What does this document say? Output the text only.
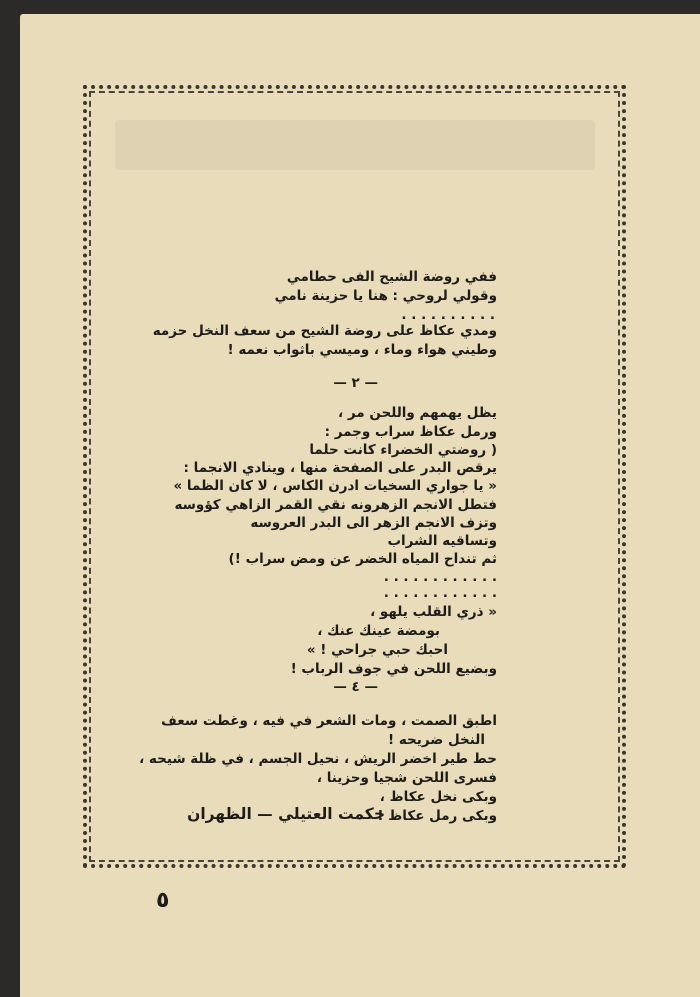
ففي روضة الشيح الفى حطامي
وقولي لروحي : هنا يا حزينة نامي
. . . . . . . . . .
ومدي عكاظ على روضة الشيح من سعف النخل حزمه
وطيني هواء وماء ، وميسي باثواب نعمه !
— ٢ —
يظل يهمهم واللحن مر ،
ورمل عكاظ سراب وجمر :
( روضتي الخضراء كانت حلما
يرقص البدر على الصفحة منها ، وينادي الانجما :
« يا جواري السخيات ادرن الكاس ، لا كان الظما »
فتطل الانجم الزهرونه نقي القمر الزاهي كؤوسه
وتزف الانجم الزهر الى البدر العروسه
وتساقيه الشراب
ثم تنداح المياه الخضر عن ومض سراب !)
. . . . . . . . . . . .
. . . . . . . . . . . .
« ذري القلب يلهو ،
بومضة عينك عنك ،
احبك حبي جراحي ! »
وبضيع اللحن في جوف الرباب !
— ٤ —
اطبق الصمت ، ومات الشعر في فيه ، وغطت سعف
النخل ضريحه !
حط طير اخضر الريش ، نحيل الجسم ، في ظلة شيحه ،
فسرى اللحن شجيا وحزينا ،
وبكى نخل عكاظ ،
وبكى رمل عكاظ !
حكمت العتيلي — الظهران
٥
